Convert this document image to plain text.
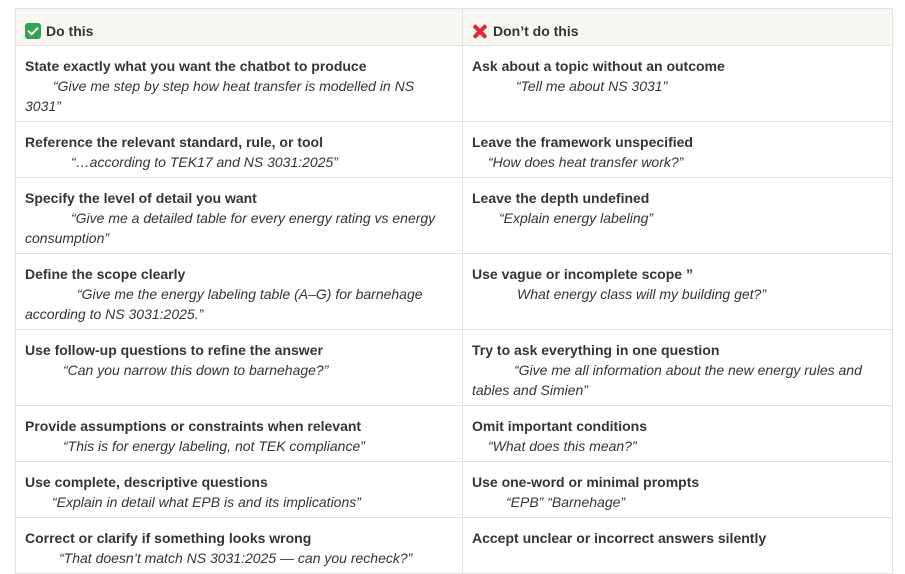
Do this	Don’t do this
State exactly what you want the chatbot to produce
“Give me step by step how heat transfer is modelled in NS 3031”
Ask about a topic without an outcome
“Tell me about NS 3031”
Reference the relevant standard, rule, or tool
“…according to TEK17 and NS 3031:2025”
Leave the framework unspecified
“How does heat transfer work?”
Specify the level of detail you want
“Give me a detailed table for every energy rating vs energy consumption”
Leave the depth undefined
“Explain energy labeling”
Define the scope clearly
“Give me the energy labeling table (A–G) for barnehage according to NS 3031:2025.”
Use vague or incomplete scope ”
What energy class will my building get?”
Use follow-up questions to refine the answer
“Can you narrow this down to barnehage?”
Try to ask everything in one question
“Give me all information about the new energy rules and tables and Simien”
Provide assumptions or constraints when relevant
“This is for energy labeling, not TEK compliance”
Omit important conditions
“What does this mean?”
Use complete, descriptive questions
“Explain in detail what EPB is and its implications”
Use one-word or minimal prompts
“EPB” “Barnehage”
Correct or clarify if something looks wrong
“That doesn’t match NS 3031:2025 — can you recheck?”
Accept unclear or incorrect answers silently
